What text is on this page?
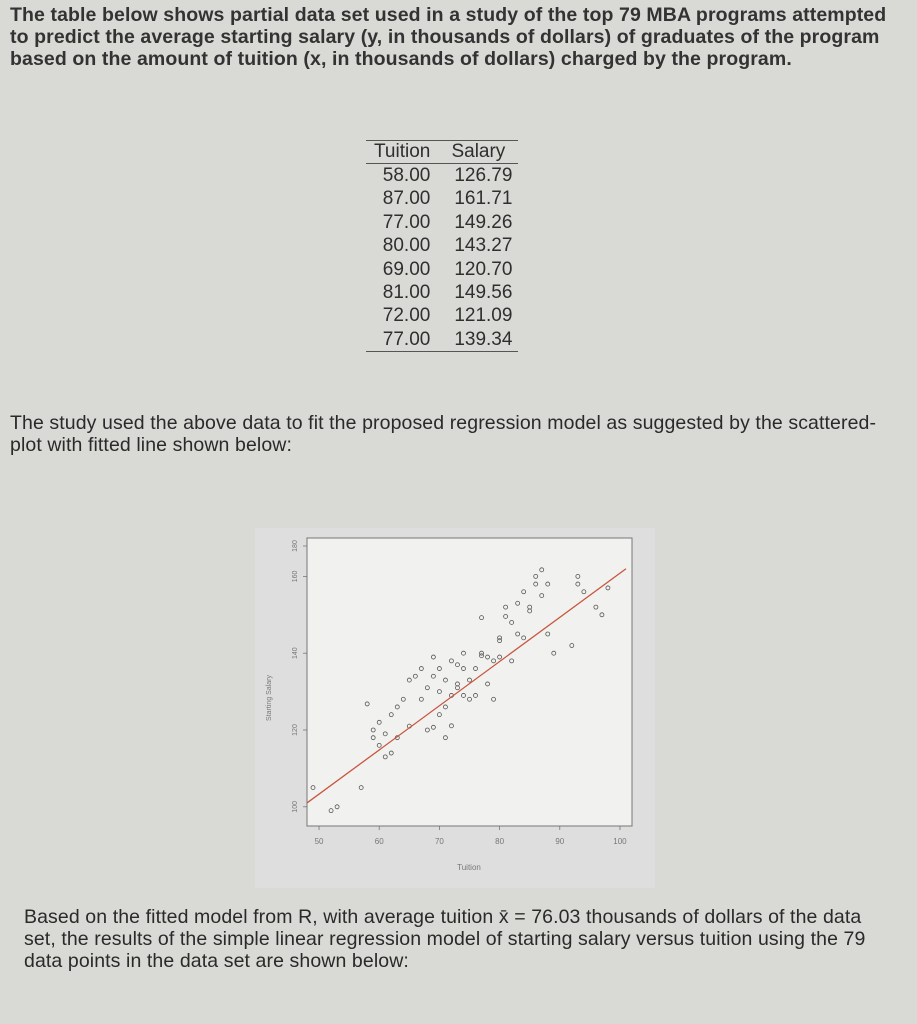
The table below shows partial data set used in a study of the top 79 MBA programs attempted to predict the average starting salary (y, in thousands of dollars) of graduates of the program based on the amount of tuition (x, in thousands of dollars) charged by the program.
Tuition	Salary
58.00	126.79
87.00	161.71
77.00	149.26
80.00	143.27
69.00	120.70
81.00	149.56
72.00	121.09
77.00	139.34
The study used the above data to fit the proposed regression model as suggested by the scattered-plot with fitted line shown below:
100
120
140
160
180
50	60	70	80	90	100
Tuition
Starting Salary
Based on the fitted model from R, with average tuition x̄ = 76.03 thousands of dollars of the data set, the results of the simple linear regression model of starting salary versus tuition using the 79 data points in the data set are shown below:
